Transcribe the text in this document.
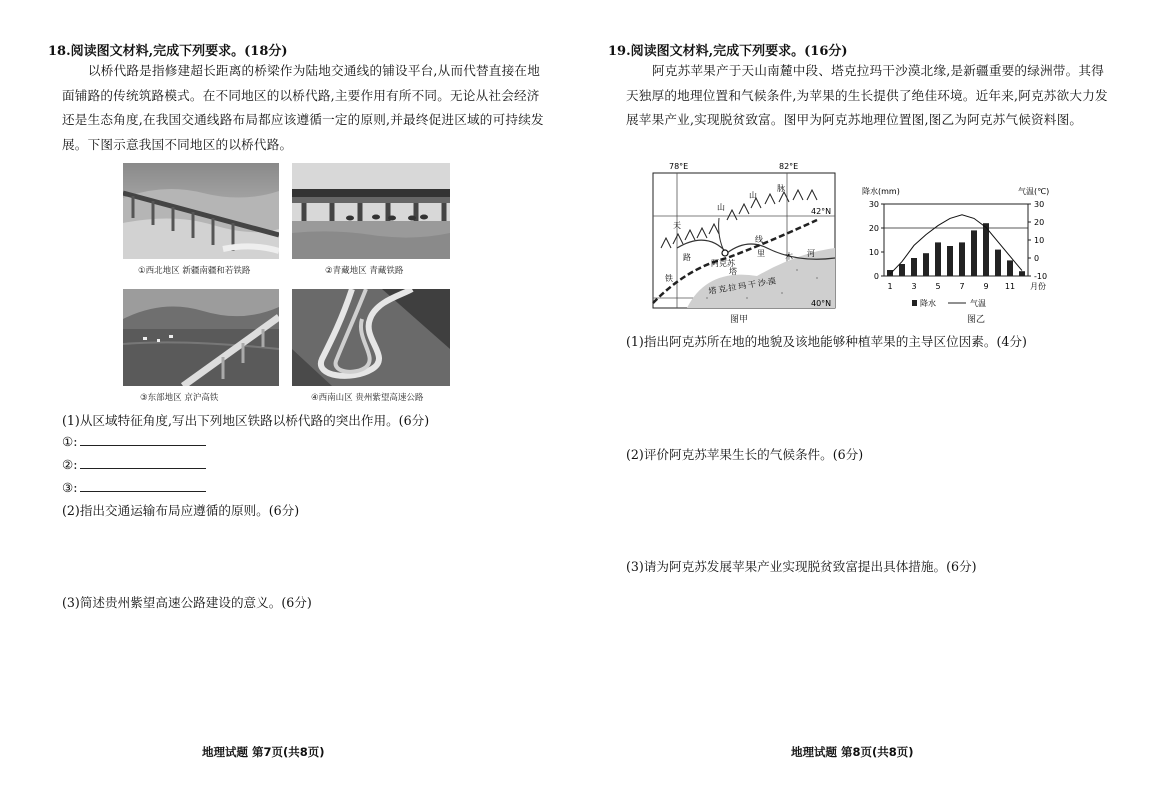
18.阅读图文材料,完成下列要求。(18分)
以桥代路是指修建超长距离的桥梁作为陆地交通线的铺设平台,从而代替直接在地面铺路的传统筑路模式。在不同地区的以桥代路,主要作用有所不同。无论从社会经济还是生态角度,在我国交通线路布局都应该遵循一定的原则,并最终促进区域的可持续发展。下图示意我国不同地区的以桥代路。
①西北地区 新疆南疆和若铁路	②青藏地区 青藏铁路
③东部地区 京沪高铁	④西南山区 贵州紫望高速公路
(1)从区域特征角度,写出下列地区铁路以桥代路的突出作用。(6分)
①:
②:
③:
(2)指出交通运输布局应遵循的原则。(6分)
(3)简述贵州紫望高速公路建设的意义。(6分)
地理试题 第7页(共8页)
19.阅读图文材料,完成下列要求。(16分)
阿克苏苹果产于天山南麓中段、塔克拉玛干沙漠北缘,是新疆重要的绿洲带。其得天独厚的地理位置和气候条件,为苹果的生长提供了绝佳环境。近年来,阿克苏欲大力发展苹果产业,实现脱贫致富。图甲为阿克苏地理位置图,图乙为阿克苏气候资料图。
78°E	82°E
42°N
40°N
天
山
山
脉
路
铁
线
阿克苏
塔
里	木 河
塔克拉玛干沙漠
图甲
降水(mm)	气温(℃)
0
10
20
30
-10
0
10
20
30
1 3 5 7 9 11 月份
降水	气温
图乙
(1)指出阿克苏所在地的地貌及该地能够种植苹果的主导区位因素。(4分)
(2)评价阿克苏苹果生长的气候条件。(6分)
(3)请为阿克苏发展苹果产业实现脱贫致富提出具体措施。(6分)
地理试题 第8页(共8页)
